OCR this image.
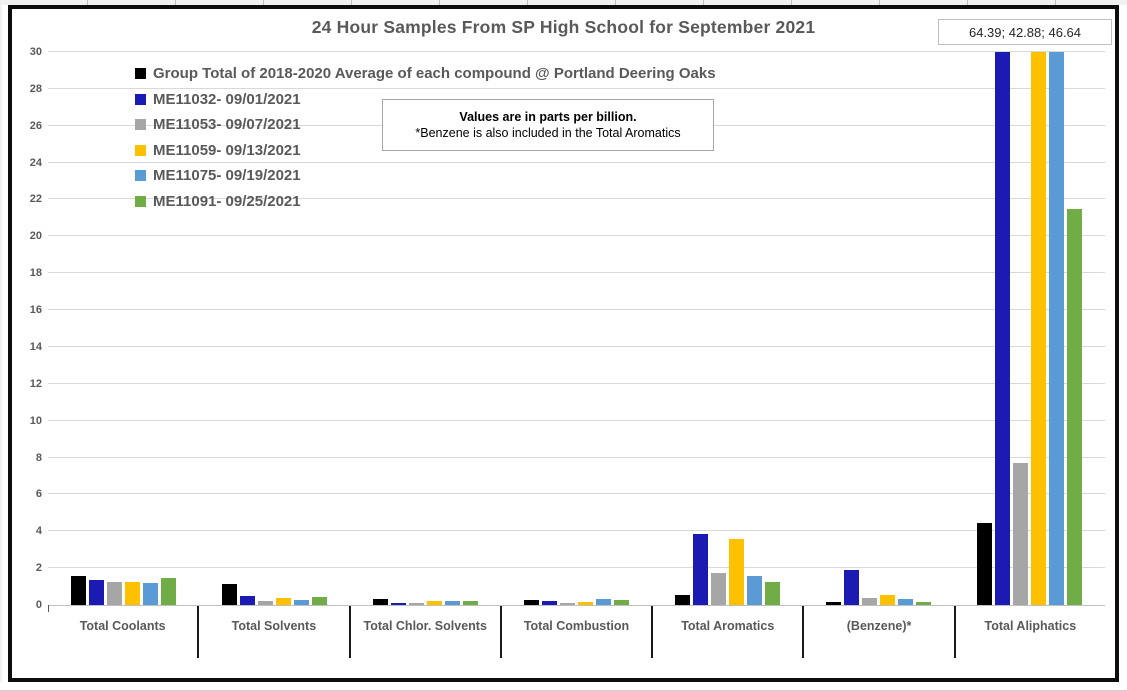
24 Hour Samples From SP High School for September 2021	64.39; 42.88; 46.64
0
2
4
6
8
10
12
14
16
18
20
22
24
26
28
30
Total Coolants	Total Solvents	Total Chlor. Solvents	Total Combustion	Total Aromatics	(Benzene)*	Total Aliphatics
Group Total of 2018-2020 Average of each compound @ Portland Deering Oaks
ME11032- 09/01/2021
ME11053- 09/07/2021
ME11059- 09/13/2021
ME11075- 09/19/2021
ME11091- 09/25/2021
Values are in parts per billion.
*Benzene is also included in the Total Aromatics
